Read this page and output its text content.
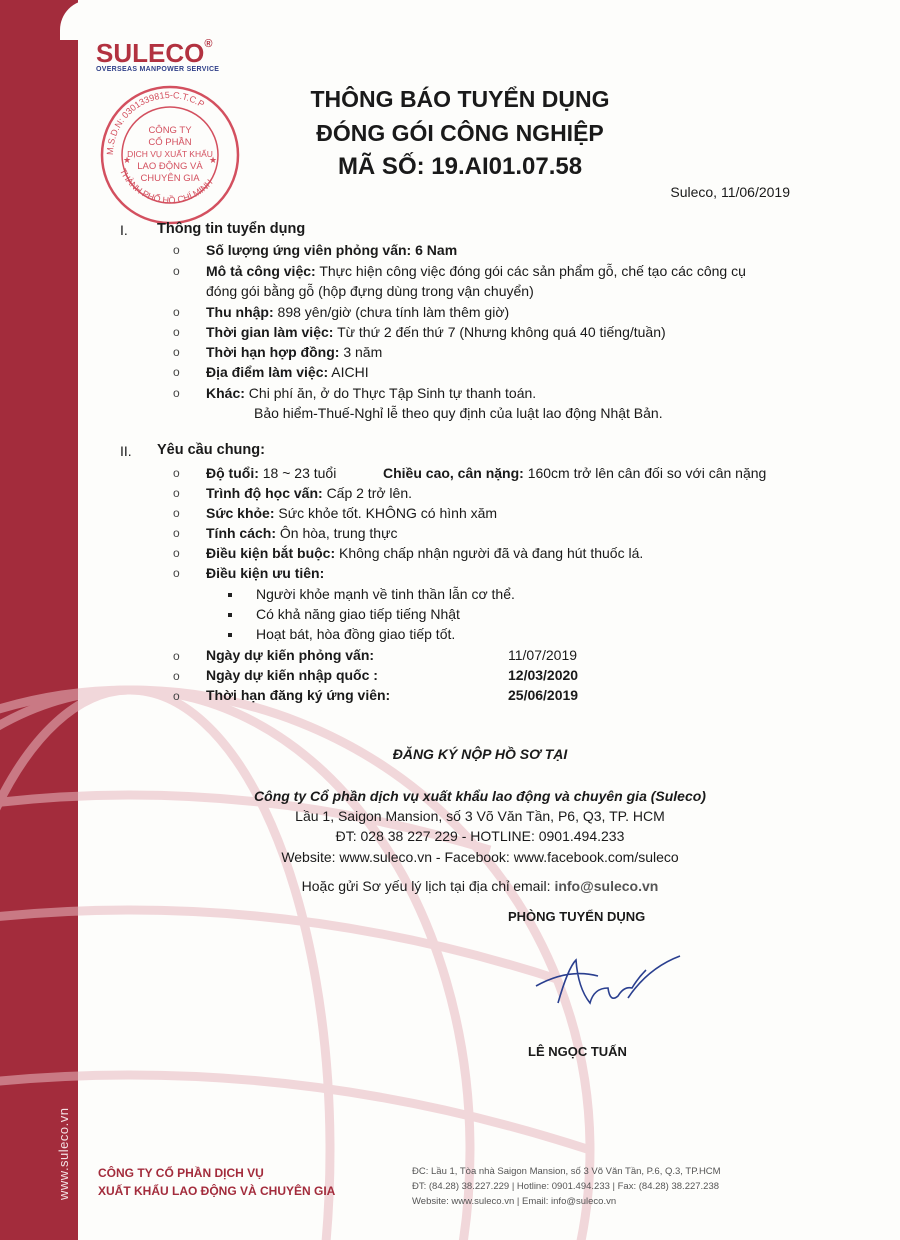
www.suleco.vn
SULECO®
OVERSEAS MANPOWER SERVICE
M.S.D.N: 0301339815-C.T.C.P
THÀNH PHỐ HỒ CHÍ MINH
CÔNG TY
CỔ PHẦN
DỊCH VỤ XUẤT KHẨU
LAO ĐỘNG VÀ
CHUYÊN GIA
★	★
THÔNG BÁO TUYỂN DỤNG
ĐÓNG GÓI CÔNG NGHIỆP
MÃ SỐ: 19.AI01.07.58
Suleco, 11/06/2019
I. Thông tin tuyển dụng
o Số lượng ứng viên phỏng vấn: 6 Nam
o Mô tả công việc: Thực hiện công việc đóng gói các sản phẩm gỗ, chế tạo các công cụ
đóng gói bằng gỗ (hộp đựng dùng trong vận chuyển)
o Thu nhập: 898 yên/giờ (chưa tính làm thêm giờ)
o Thời gian làm việc: Từ thứ 2 đến thứ 7 (Nhưng không quá 40 tiếng/tuần)
o Thời hạn hợp đồng: 3 năm
o Địa điểm làm việc: AICHI
o Khác: Chi phí ăn, ở do Thực Tập Sinh tự thanh toán.
Bảo hiểm-Thuế-Nghỉ lễ theo quy định của luật lao động Nhật Bản.
II. Yêu cầu chung:
o Độ tuổi: 18 ~ 23 tuổi	Chiều cao, cân nặng: 160cm trở lên cân đối so với cân nặng
o Trình độ học vấn: Cấp 2 trở lên.
o Sức khỏe: Sức khỏe tốt. KHÔNG có hình xăm
o Tính cách: Ôn hòa, trung thực
o Điều kiện bắt buộc: Không chấp nhận người đã và đang hút thuốc lá.
o Điều kiện ưu tiên:
Người khỏe mạnh về tinh thần lẫn cơ thể.
Có khả năng giao tiếp tiếng Nhật
Hoạt bát, hòa đồng giao tiếp tốt.
o Ngày dự kiến phỏng vấn:	11/07/2019
o Ngày dự kiến nhập quốc :	12/03/2020
o Thời hạn đăng ký ứng viên:	25/06/2019
ĐĂNG KÝ NỘP HỒ SƠ TẠI
Công ty Cổ phần dịch vụ xuất khẩu lao động và chuyên gia (Suleco)
Lầu 1, Saigon Mansion, số 3 Võ Văn Tần, P6, Q3, TP. HCM
ĐT: 028 38 227 229 - HOTLINE: 0901.494.233
Website: www.suleco.vn - Facebook: www.facebook.com/suleco
Hoặc gửi Sơ yếu lý lịch tại địa chỉ email: info@suleco.vn
PHÒNG TUYỂN DỤNG
LÊ NGỌC TUẤN
CÔNG TY CỔ PHẦN DỊCH VỤ
XUẤT KHẨU LAO ĐỘNG VÀ CHUYÊN GIA
ĐC: Lầu 1, Tòa nhà Saigon Mansion, số 3 Võ Văn Tần, P.6, Q.3, TP.HCM
ĐT: (84.28) 38.227.229 | Hotline: 0901.494.233 | Fax: (84.28) 38.227.238
Website: www.suleco.vn | Email: info@suleco.vn
